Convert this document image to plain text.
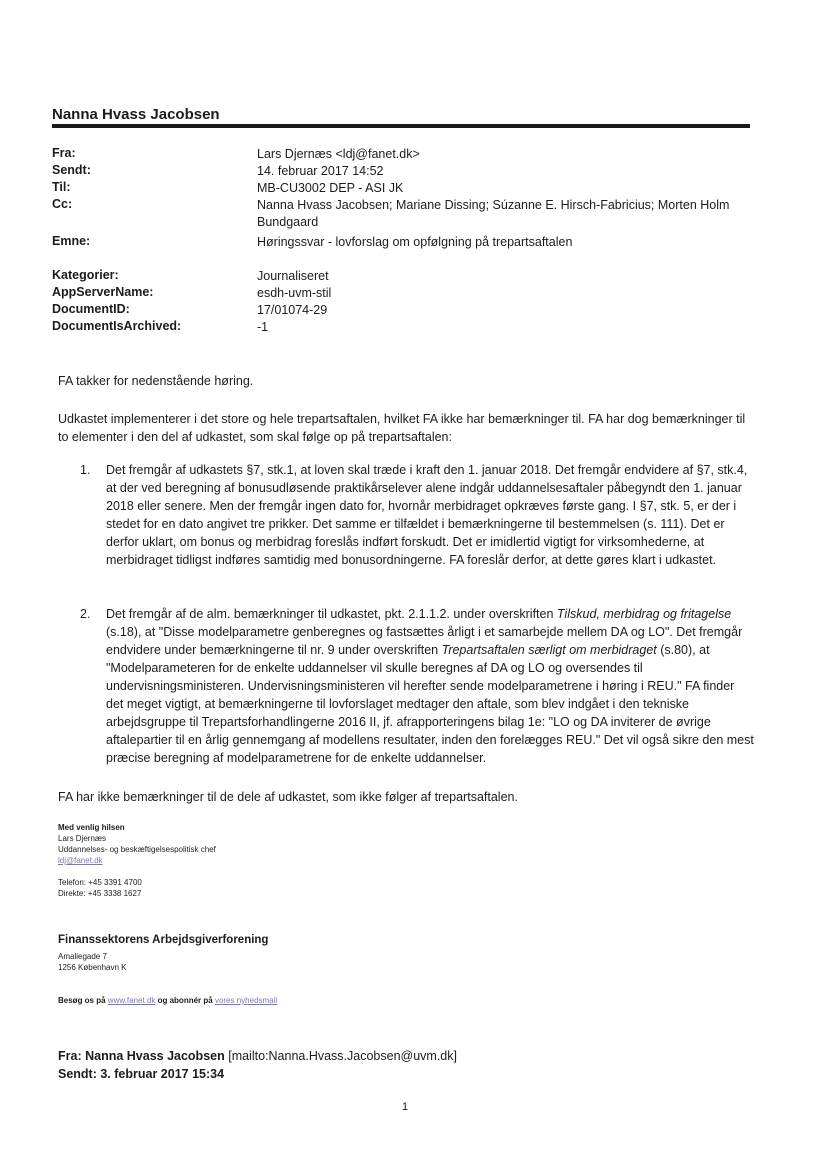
Nanna Hvass Jacobsen
Fra:	Lars Djernæs <ldj@fanet.dk>
Sendt:	14. februar 2017 14:52
Til:	MB-CU3002 DEP - ASI JK
Cc:	Nanna Hvass Jacobsen; Mariane Dissing; Súzanne E. Hirsch-Fabricius; Morten Holm Bundgaard
Emne:	Høringssvar - lovforslag om opfølgning på trepartsaftalen
Kategorier:	Journaliseret
AppServerName:	esdh-uvm-stil
DocumentID:	17/01074-29
DocumentIsArchived:	-1
FA takker for nedenstående høring.
Udkastet implementerer i det store og hele trepartsaftalen, hvilket FA ikke har bemærkninger til. FA har dog bemærkninger til to elementer i den del af udkastet, som skal følge op på trepartsaftalen:
1. Det fremgår af udkastets §7, stk.1, at loven skal træde i kraft den 1. januar 2018. Det fremgår endvidere af §7, stk.4, at der ved beregning af bonusudløsende praktikårselever alene indgår uddannelsesaftaler påbegyndt den 1. januar 2018 eller senere. Men der fremgår ingen dato for, hvornår merbidraget opkræves første gang. I §7, stk. 5, er der i stedet for en dato angivet tre prikker. Det samme er tilfældet i bemærkningerne til bestemmelsen (s. 111). Det er derfor uklart, om bonus og merbidrag foreslås indført forskudt. Det er imidlertid vigtigt for virksomhederne, at merbidraget tidligst indføres samtidig med bonusordningerne. FA foreslår derfor, at dette gøres klart i udkastet.
2. Det fremgår af de alm. bemærkninger til udkastet, pkt. 2.1.1.2. under overskriften Tilskud, merbidrag og fritagelse (s.18), at "Disse modelparametre genberegnes og fastsættes årligt i et samarbejde mellem DA og LO". Det fremgår endvidere under bemærkningerne til nr. 9 under overskriften Trepartsaftalen særligt om merbidraget (s.80), at "Modelparameteren for de enkelte uddannelser vil skulle beregnes af DA og LO og oversendes til undervisningsministeren. Undervisningsministeren vil herefter sende modelparametrene i høring i REU." FA finder det meget vigtigt, at bemærkningerne til lovforslaget medtager den aftale, som blev indgået i den tekniske arbejdsgruppe til Trepartsforhandlingerne 2016 II, jf. afrapporteringens bilag 1e: "LO og DA inviterer de øvrige aftalepartier til en årlig gennemgang af modellens resultater, inden den forelægges REU." Det vil også sikre den mest præcise beregning af modelparametrene for de enkelte uddannelser.
FA har ikke bemærkninger til de dele af udkastet, som ikke følger af trepartsaftalen.
Med venlig hilsen
Lars Djernæs
Uddannelses- og beskæftigelsespolitisk chef
ldj@fanet.dk
Telefon: +45 3391 4700
Direkte: +45 3338 1627
Finanssektorens Arbejdsgiverforening
Amaliegade 7
1256 København K
Besøg os på www.fanet.dk og abonnér på vores nyhedsmail
Fra: Nanna Hvass Jacobsen [mailto:Nanna.Hvass.Jacobsen@uvm.dk]
Sendt: 3. februar 2017 15:34
1
